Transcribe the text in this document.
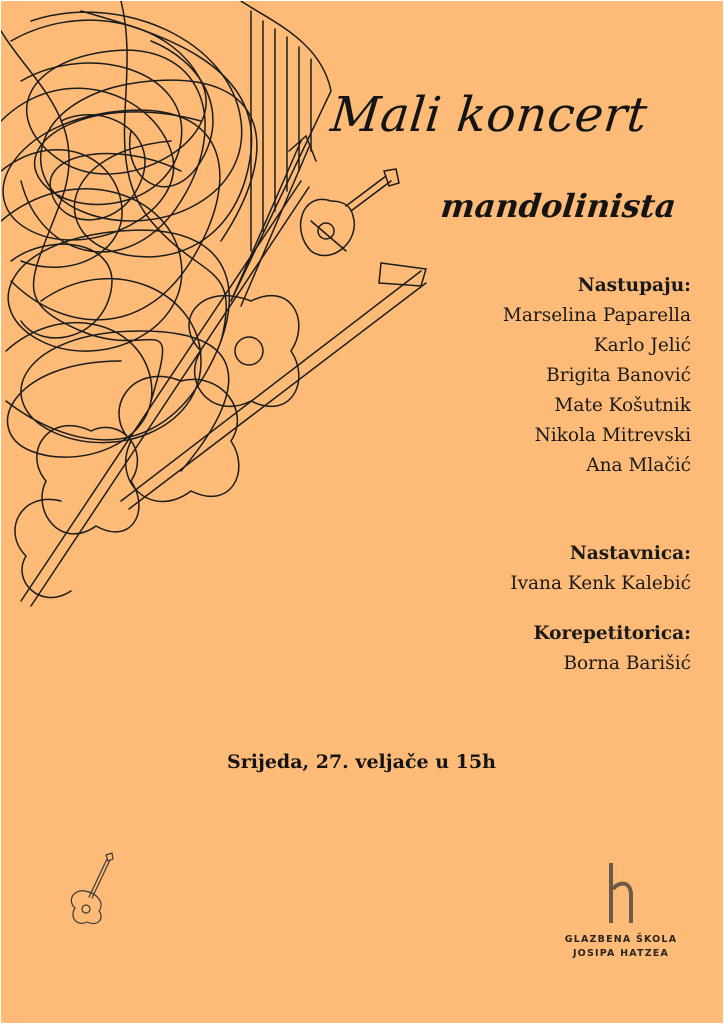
Mali koncert
mandolinista
Nastupaju:
Marselina Paparella
Karlo Jelić
Brigita Banović
Mate Košutnik
Nikola Mitrevski
Ana Mlačić
Nastavnica:
Ivana Kenk Kalebić
Korepetitorica:
Borna Barišić
Srijeda, 27. veljače u 15h
GLAZBENA ŠKOLA
JOSIPA HATZEA
